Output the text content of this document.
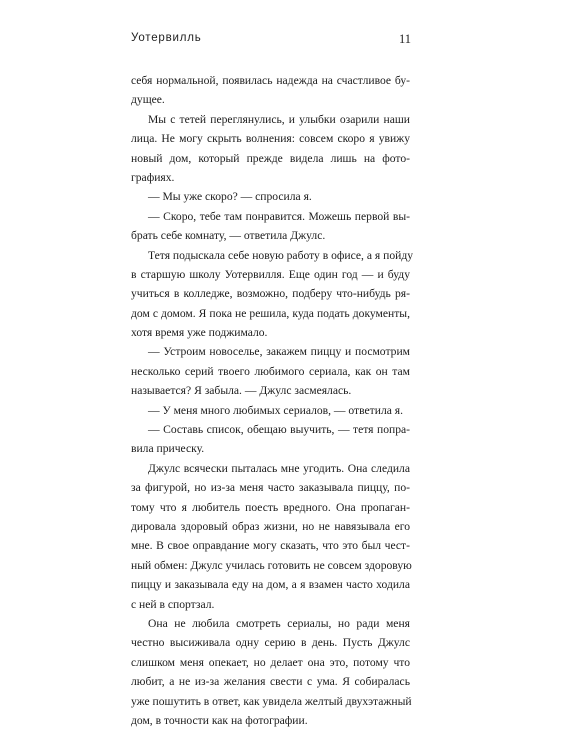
Уотервилль	11
себя нормальной, появилась надежда на счастливое бу-
дущее.
Мы с тетей переглянулись, и улыбки озарили наши
лица. Не могу скрыть волнения: совсем скоро я увижу
новый дом, который прежде видела лишь на фото-
графиях.
— Мы уже скоро? — спросила я.
— Скоро, тебе там понравится. Можешь первой вы-
брать себе комнату, — ответила Джулс.
Тетя подыскала себе новую работу в офисе, а я пойду
в старшую школу Уотервилля. Еще один год — и буду
учиться в колледже, возможно, подберу что-нибудь ря-
дом с домом. Я пока не решила, куда подать документы,
хотя время уже поджимало.
— Устроим новоселье, закажем пиццу и посмотрим
несколько серий твоего любимого сериала, как он там
называется? Я забыла. — Джулс засмеялась.
— У меня много любимых сериалов, — ответила я.
— Составь список, обещаю выучить, — тетя попра-
вила прическу.
Джулс всячески пыталась мне угодить. Она следила
за фигурой, но из-за меня часто заказывала пиццу, по-
тому что я любитель поесть вредного. Она пропаган-
дировала здоровый образ жизни, но не навязывала его
мне. В свое оправдание могу сказать, что это был чест-
ный обмен: Джулс училась готовить не совсем здоровую
пиццу и заказывала еду на дом, а я взамен часто ходила
с ней в спортзал.
Она не любила смотреть сериалы, но ради меня
честно высиживала одну серию в день. Пусть Джулс
слишком меня опекает, но делает она это, потому что
любит, а не из-за желания свести с ума. Я собиралась
уже пошутить в ответ, как увидела желтый двухэтажный
дом, в точности как на фотографии.
